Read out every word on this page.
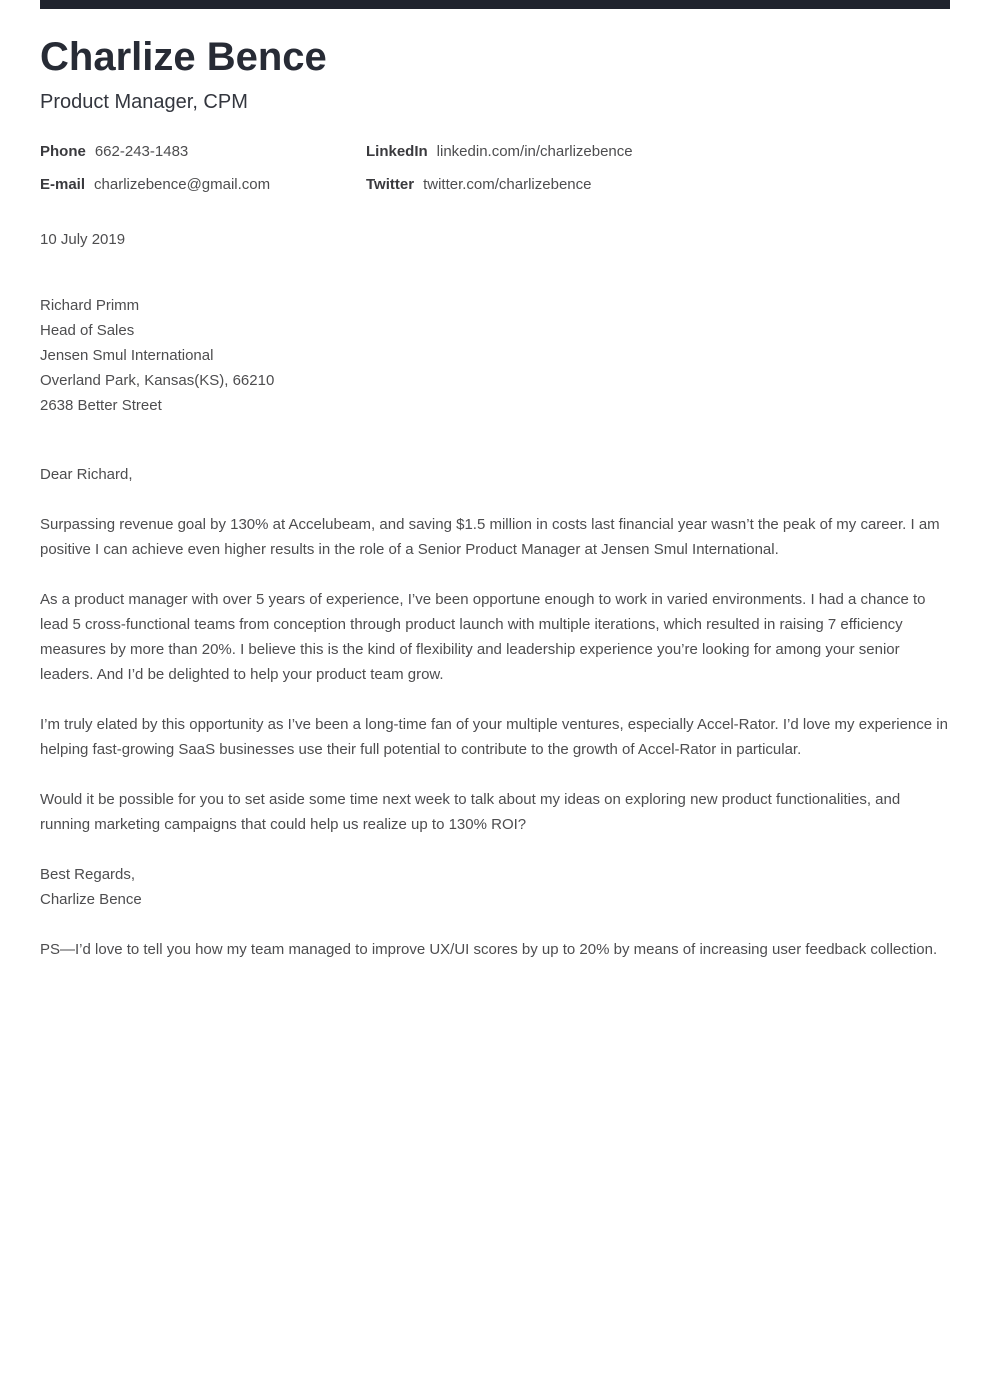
Charlize Bence
Product Manager, CPM
Phone 662-243-1483
E-mail charlizebence@gmail.com
LinkedIn linkedin.com/in/charlizebence
Twitter twitter.com/charlizebence
10 July 2019
Richard Primm
Head of Sales
Jensen Smul International
Overland Park, Kansas(KS), 66210
2638 Better Street

Dear Richard,

Surpassing revenue goal by 130% at Accelubeam, and saving $1.5 million in costs last financial year wasn’t the peak of my career. I am positive I can achieve even higher results in the role of a Senior Product Manager at Jensen Smul International.

As a product manager with over 5 years of experience, I’ve been opportune enough to work in varied environments. I had a chance to lead 5 cross-functional teams from conception through product launch with multiple iterations, which resulted in raising 7 efficiency measures by more than 20%. I believe this is the kind of flexibility and leadership experience you’re looking for among your senior leaders. And I’d be delighted to help your product team grow.

I’m truly elated by this opportunity as I’ve been a long-time fan of your multiple ventures, especially Accel-Rator. I’d love my experience in helping fast-growing SaaS businesses use their full potential to contribute to the growth of Accel-Rator in particular.

Would it be possible for you to set aside some time next week to talk about my ideas on exploring new product functionalities, and running marketing campaigns that could help us realize up to 130% ROI?

Best Regards,
Charlize Bence

PS—I’d love to tell you how my team managed to improve UX/UI scores by up to 20% by means of increasing user feedback collection.
